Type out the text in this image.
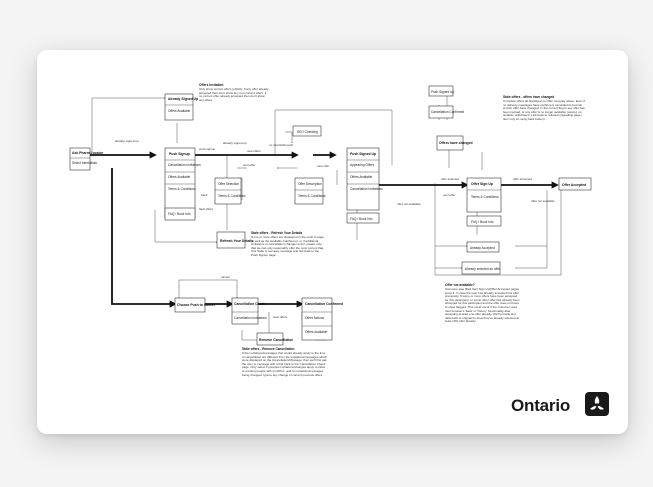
Ask Pharm Locator
Select Interstitials
Already Signed Up
Offers Available
Push Signup
Cancellation Invitations
Offers Available
Terms & Conditions
FAQ / Book Info
Offer Selection
Terms & Conditions
Refresh Your Details
SEO Checking
Push Signed Up
Appearing Offers
Offers Available
Cancellation Invitations
FAQ / Book Info
Offer Description
Terms & Conditions
Push Signed Up
Cancellation Confirmed
Offers have changed
Offer Sign Up
Terms & Conditions
FAQ / Book Info
Offer Accepted
Already Accepted
Already selected an offer
Choose Push to Cancel	Cancellation Check
Cancellation Invitations
Remove Cancellation
Cancellation Confirmed
Other Actions
Offers Available
already signed up
push signup
already signed up
new offers
no interstitial push
next offer
back
fault offers
new offer
offer selected	offer accepted
offer not available
cancel
view offers
next offer
offer not available
Offers Invitation
Only show current offers publicly. If any offer already accepted then don't show any non-current offers. If no current offer already accepted then don't show any offers.
Stale offers - Refresh Your Details
If one or more offers are displayed on the push to page as well as the available Cap/Set-up, or if additional invitations or cancellation changes occur, please note that we can only reasonably offer the most current flag. Use Stale to securely message and link back to the Push Signup page.
Stale offers - offers have changed
Complete offers all displayed on Offer currently active. Even if no delivery messages have confirmed, cancelled items look at their offer have changed. In the correct flag to say offer has been revised, or any offer is no longer available (cancel, no suitable, withdrawn). Link back to relevant (signalling page / don't rely on using back button).
Offer not available?
Someone else filled their Sign Up/Offer Accepted pages since it. In case the user has already accepted this offer previously. If some or more offers have been accepted for this participant, or some other offer has already been accepted for this participant and the offer does not have to show flagged. This could occur if the customer uses their browser's 'back' or 'history' functionality after accepting at least one offer already. We'll provide any data back to original by area they've already selected at least 10% offer already.
Stale offers - Remove Cancellation
If the invitations/messages that would already apply to the time of cancellation are different from the invitations/messages which were displayed on the Cancellation/Message, then we'll first ask the user to message with a link back to the Cancellation Check page. Only select if previous invitations/changes apply to basic or existing people with (not)Pins, and to invitations/messages being changed. Ignore any change of current previous offers.
Ontario
